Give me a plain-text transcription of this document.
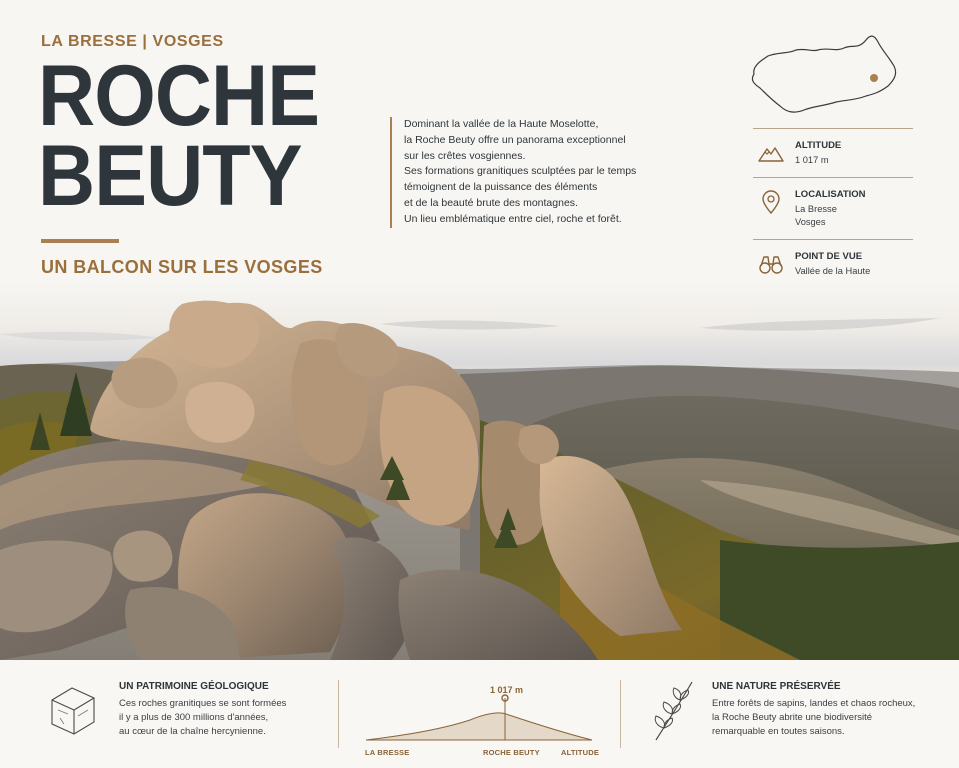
LA BRESSE | VOSGES
ROCHE
BEUTY
UN BALCON SUR LES VOSGES

Dominant la vallée de la Haute Moselotte,

la Roche Beuty offre un panorama exceptionnel

sur les crêtes vosgiennes.

Ses formations granitiques sculptées par le temps

témoignent de la puissance des éléments

et de la beauté brute des montagnes.

Un lieu emblématique entre ciel, roche et forêt.

ALTITUDE
1 017 m
LOCALISATION
La Bresse
Vosges
POINT DE VUE
Vallée de la Haute
UN PATRIMOINE GÉOLOGIQUE

Ces roches granitiques se sont formées

il y a plus de 300 millions d'années,

au cœur de la chaîne hercynienne.

1 017 m
LA BRESSE	ROCHE BEUTY	ALTITUDE
UNE NATURE PRÉSERVÉE

Entre forêts de sapins, landes et chaos rocheux,

la Roche Beuty abrite une biodiversité

remarquable en toutes saisons.
